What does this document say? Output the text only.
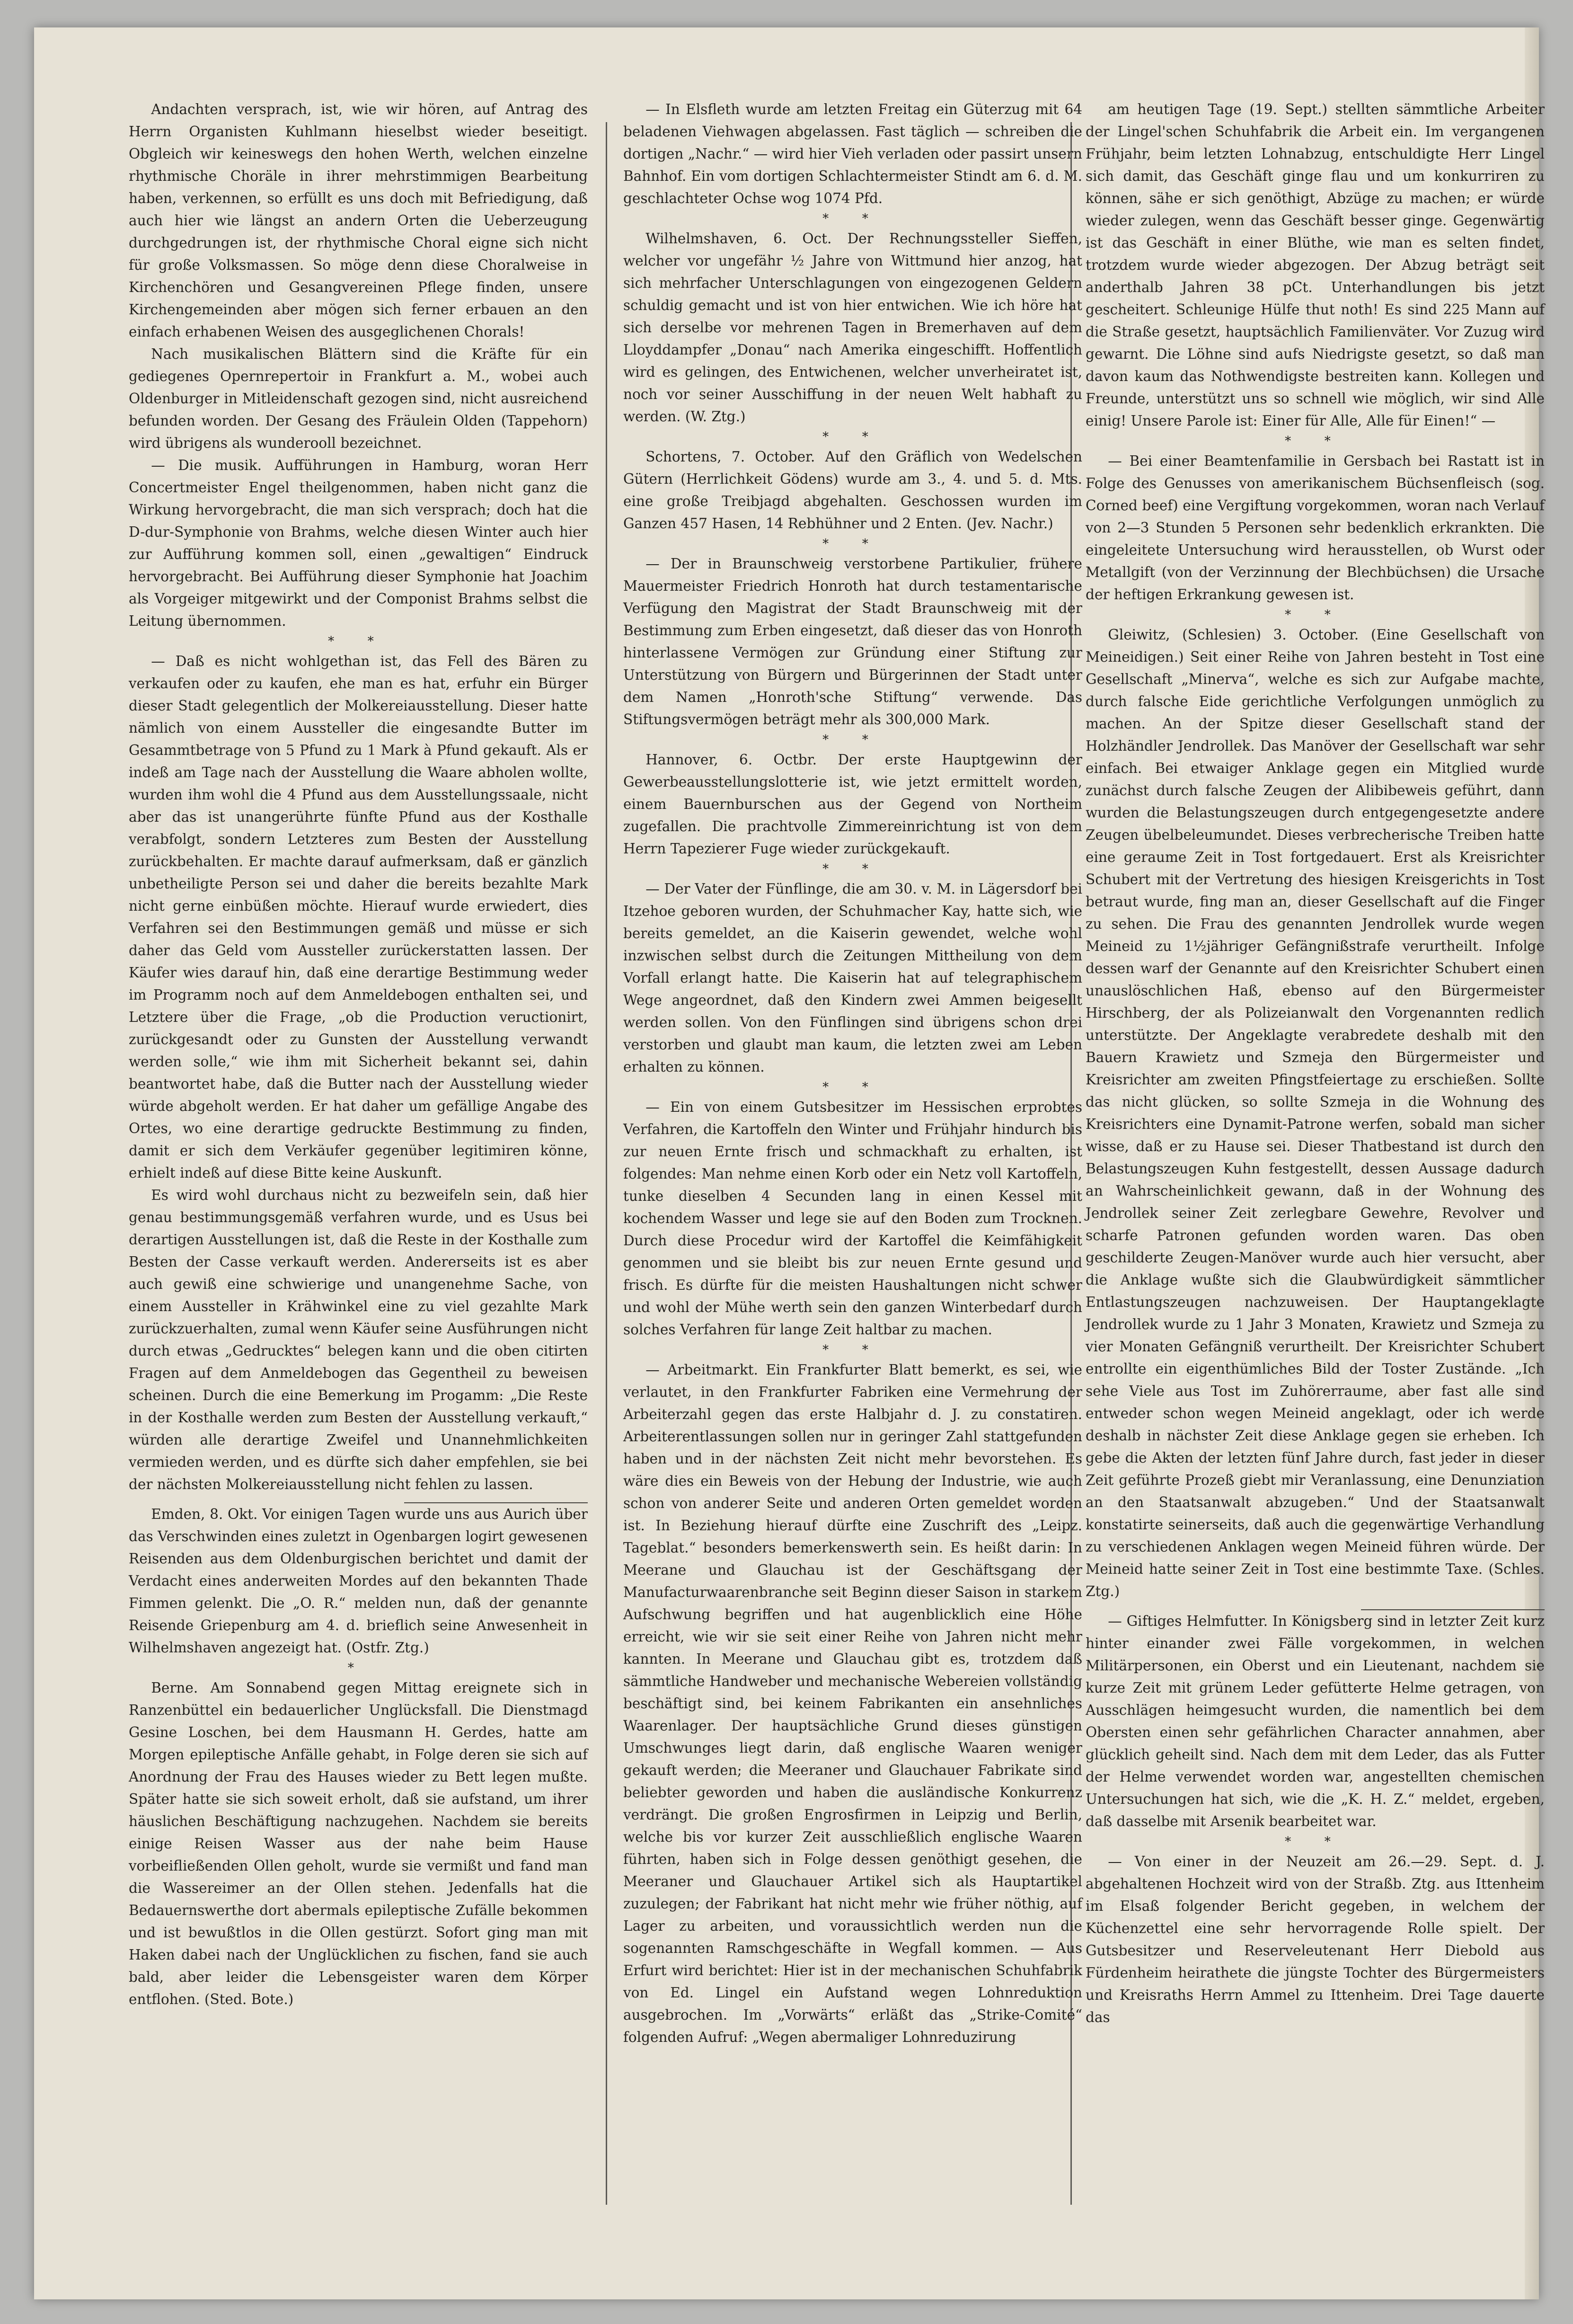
Andachten versprach, ist, wie wir hören, auf Antrag des Herrn Organisten Kuhlmann hieselbst wieder beseitigt. Obgleich wir keineswegs den hohen Werth, welchen einzelne rhythmische Choräle in ihrer mehrstimmigen Bearbeitung haben, verkennen, so erfüllt es uns doch mit Befriedigung, daß auch hier wie längst an andern Orten die Ueberzeugung durchgedrungen ist, der rhythmische Choral eigne sich nicht für große Volksmassen. So möge denn diese Choralweise in Kirchenchören und Gesangvereinen Pflege finden, unsere Kirchengemeinden aber mögen sich ferner erbauen an den einfach erhabenen Weisen des ausgeglichenen Chorals!

Nach musikalischen Blättern sind die Kräfte für ein gediegenes Opernrepertoir in Frankfurt a. M., wobei auch Oldenburger in Mitleidenschaft gezogen sind, nicht ausreichend befunden worden. Der Gesang des Fräulein Olden (Tappehorn) wird übrigens als wunderooll bezeichnet.

— Die musik. Aufführungen in Hamburg, woran Herr Concertmeister Engel theilgenommen, haben nicht ganz die Wirkung hervorgebracht, die man sich versprach; doch hat die D-dur-Symphonie von Brahms, welche diesen Winter auch hier zur Aufführung kommen soll, einen „gewaltigen“ Eindruck hervorgebracht. Bei Aufführung dieser Symphonie hat Joachim als Vorgeiger mitgewirkt und der Componist Brahms selbst die Leitung übernommen.

* *

— Daß es nicht wohlgethan ist, das Fell des Bären zu verkaufen oder zu kaufen, ehe man es hat, erfuhr ein Bürger dieser Stadt gelegentlich der Molkereiausstellung. Dieser hatte nämlich von einem Aussteller die eingesandte Butter im Gesammtbetrage von 5 Pfund zu 1 Mark à Pfund gekauft. Als er indeß am Tage nach der Ausstellung die Waare abholen wollte, wurden ihm wohl die 4 Pfund aus dem Ausstellungssaale, nicht aber das ist unangerührte fünfte Pfund aus der Kosthalle verabfolgt, sondern Letzteres zum Besten der Ausstellung zurückbehalten. Er machte darauf aufmerksam, daß er gänzlich unbetheiligte Person sei und daher die bereits bezahlte Mark nicht gerne einbüßen möchte. Hierauf wurde erwiedert, dies Verfahren sei den Bestimmungen gemäß und müsse er sich daher das Geld vom Aussteller zurückerstatten lassen. Der Käufer wies darauf hin, daß eine derartige Bestimmung weder im Programm noch auf dem Anmeldebogen enthalten sei, und Letztere über die Frage, „ob die Production veructionirt, zurückgesandt oder zu Gunsten der Ausstellung verwandt werden solle,“ wie ihm mit Sicherheit bekannt sei, dahin beantwortet habe, daß die Butter nach der Ausstellung wieder würde abgeholt werden. Er hat daher um gefällige Angabe des Ortes, wo eine derartige gedruckte Bestimmung zu finden, damit er sich dem Verkäufer gegenüber legitimiren könne, erhielt indeß auf diese Bitte keine Auskunft.

Es wird wohl durchaus nicht zu bezweifeln sein, daß hier genau bestimmungsgemäß verfahren wurde, und es Usus bei derartigen Ausstellungen ist, daß die Reste in der Kosthalle zum Besten der Casse verkauft werden. Andererseits ist es aber auch gewiß eine schwierige und unangenehme Sache, von einem Aussteller in Krähwinkel eine zu viel gezahlte Mark zurückzuerhalten, zumal wenn Käufer seine Ausführungen nicht durch etwas „Gedrucktes“ belegen kann und die oben citirten Fragen auf dem Anmeldebogen das Gegentheil zu beweisen scheinen. Durch die eine Bemerkung im Progamm: „Die Reste in der Kosthalle werden zum Besten der Ausstellung verkauft,“ würden alle derartige Zweifel und Unannehmlichkeiten vermieden werden, und es dürfte sich daher empfehlen, sie bei der nächsten Molkereiausstellung nicht fehlen zu lassen.

Emden, 8. Okt. Vor einigen Tagen wurde uns aus Aurich über das Verschwinden eines zuletzt in Ogenbargen logirt gewesenen Reisenden aus dem Oldenburgischen berichtet und damit der Verdacht eines anderweiten Mordes auf den bekannten Thade Fimmen gelenkt. Die „O. R.“ melden nun, daß der genannte Reisende Griepenburg am 4. d. brieflich seine Anwesenheit in Wilhelmshaven angezeigt hat. (Ostfr. Ztg.)

*

Berne. Am Sonnabend gegen Mittag ereignete sich in Ranzenbüttel ein bedauerlicher Unglücksfall. Die Dienstmagd Gesine Loschen, bei dem Hausmann H. Gerdes, hatte am Morgen epileptische Anfälle gehabt, in Folge deren sie sich auf Anordnung der Frau des Hauses wieder zu Bett legen mußte. Später hatte sie sich soweit erholt, daß sie aufstand, um ihrer häuslichen Beschäftigung nachzugehen. Nachdem sie bereits einige Reisen Wasser aus der nahe beim Hause vorbeifließenden Ollen geholt, wurde sie vermißt und fand man die Wassereimer an der Ollen stehen. Jedenfalls hat die Bedauernswerthe dort abermals epileptische Zufälle bekommen und ist bewußtlos in die Ollen gestürzt. Sofort ging man mit Haken dabei nach der Unglücklichen zu fischen, fand sie auch bald, aber leider die Lebensgeister waren dem Körper entflohen. (Sted. Bote.)

— In Elsfleth wurde am letzten Freitag ein Güterzug mit 64 beladenen Viehwagen abgelassen. Fast täglich — schreiben die dortigen „Nachr.“ — wird hier Vieh verladen oder passirt unsern Bahnhof. Ein vom dortigen Schlachtermeister Stindt am 6. d. M. geschlachteter Ochse wog 1074 Pfd.

* *

Wilhelmshaven, 6. Oct. Der Rechnungssteller Sieffen, welcher vor ungefähr ½ Jahre von Wittmund hier anzog, hat sich mehrfacher Unterschlagungen von eingezogenen Geldern schuldig gemacht und ist von hier entwichen. Wie ich höre hat sich derselbe vor mehrenen Tagen in Bremerhaven auf dem Lloyddampfer „Donau“ nach Amerika eingeschifft. Hoffentlich wird es gelingen, des Entwichenen, welcher unverheiratet ist, noch vor seiner Ausschiffung in der neuen Welt habhaft zu werden. (W. Ztg.)

* *

Schortens, 7. October. Auf den Gräflich von Wedelschen Gütern (Herrlichkeit Gödens) wurde am 3., 4. und 5. d. Mts. eine große Treibjagd abgehalten. Geschossen wurden im Ganzen 457 Hasen, 14 Rebhühner und 2 Enten. (Jev. Nachr.)

* *

— Der in Braunschweig verstorbene Partikulier, frühere Mauermeister Friedrich Honroth hat durch testamentarische Verfügung den Magistrat der Stadt Braunschweig mit der Bestimmung zum Erben eingesetzt, daß dieser das von Honroth hinterlassene Vermögen zur Gründung einer Stiftung zur Unterstützung von Bürgern und Bürgerinnen der Stadt unter dem Namen „Honroth'sche Stiftung“ verwende. Das Stiftungsvermögen beträgt mehr als 300,000 Mark.

* *

Hannover, 6. Octbr. Der erste Hauptgewinn der Gewerbeausstellungslotterie ist, wie jetzt ermittelt worden, einem Bauernburschen aus der Gegend von Northeim zugefallen. Die prachtvolle Zimmereinrichtung ist von dem Herrn Tapezierer Fuge wieder zurückgekauft.

* *

— Der Vater der Fünflinge, die am 30. v. M. in Lägersdorf bei Itzehoe geboren wurden, der Schuhmacher Kay, hatte sich, wie bereits gemeldet, an die Kaiserin gewendet, welche wohl inzwischen selbst durch die Zeitungen Mittheilung von dem Vorfall erlangt hatte. Die Kaiserin hat auf telegraphischem Wege angeordnet, daß den Kindern zwei Ammen beigesellt werden sollen. Von den Fünflingen sind übrigens schon drei verstorben und glaubt man kaum, die letzten zwei am Leben erhalten zu können.

* *

— Ein von einem Gutsbesitzer im Hessischen erprobtes Verfahren, die Kartoffeln den Winter und Frühjahr hindurch bis zur neuen Ernte frisch und schmackhaft zu erhalten, ist folgendes: Man nehme einen Korb oder ein Netz voll Kartoffeln, tunke dieselben 4 Secunden lang in einen Kessel mit kochendem Wasser und lege sie auf den Boden zum Trocknen. Durch diese Procedur wird der Kartoffel die Keimfähigkeit genommen und sie bleibt bis zur neuen Ernte gesund und frisch. Es dürfte für die meisten Haushaltungen nicht schwer und wohl der Mühe werth sein den ganzen Winterbedarf durch solches Verfahren für lange Zeit haltbar zu machen.

* *

— Arbeitmarkt. Ein Frankfurter Blatt bemerkt, es sei, wie verlautet, in den Frankfurter Fabriken eine Vermehrung der Arbeiterzahl gegen das erste Halbjahr d. J. zu constatiren. Arbeiterentlassungen sollen nur in geringer Zahl stattgefunden haben und in der nächsten Zeit nicht mehr bevorstehen. Es wäre dies ein Beweis von der Hebung der Industrie, wie auch schon von anderer Seite und anderen Orten gemeldet worden ist. In Beziehung hierauf dürfte eine Zuschrift des „Leipz. Tageblat.“ besonders bemerkenswerth sein. Es heißt darin: In Meerane und Glauchau ist der Geschäftsgang der Manufacturwaarenbranche seit Beginn dieser Saison in starkem Aufschwung begriffen und hat augenblicklich eine Höhe erreicht, wie wir sie seit einer Reihe von Jahren nicht mehr kannten. In Meerane und Glauchau gibt es, trotzdem daß sämmtliche Handweber und mechanische Webereien vollständig beschäftigt sind, bei keinem Fabrikanten ein ansehnliches Waarenlager. Der hauptsächliche Grund dieses günstigen Umschwunges liegt darin, daß englische Waaren weniger gekauft werden; die Meeraner und Glauchauer Fabrikate sind beliebter geworden und haben die ausländische Konkurrenz verdrängt. Die großen Engrosfirmen in Leipzig und Berlin, welche bis vor kurzer Zeit ausschließlich englische Waaren führten, haben sich in Folge dessen genöthigt gesehen, die Meeraner und Glauchauer Artikel sich als Hauptartikel zuzulegen; der Fabrikant hat nicht mehr wie früher nöthig, auf Lager zu arbeiten, und voraussichtlich werden nun die sogenannten Ramschgeschäfte in Wegfall kommen. — Aus Erfurt wird berichtet: Hier ist in der mechanischen Schuhfabrik von Ed. Lingel ein Aufstand wegen Lohnreduktion ausgebrochen. Im „Vorwärts“ erläßt das „Strike-Comité“ folgenden Aufruf: „Wegen abermaliger Lohnreduzirung

am heutigen Tage (19. Sept.) stellten sämmtliche Arbeiter der Lingel'schen Schuhfabrik die Arbeit ein. Im vergangenen Frühjahr, beim letzten Lohnabzug, entschuldigte Herr Lingel sich damit, das Geschäft ginge flau und um konkurriren zu können, sähe er sich genöthigt, Abzüge zu machen; er würde wieder zulegen, wenn das Geschäft besser ginge. Gegenwärtig ist das Geschäft in einer Blüthe, wie man es selten findet, trotzdem wurde wieder abgezogen. Der Abzug beträgt seit anderthalb Jahren 38 pCt. Unterhandlungen bis jetzt gescheitert. Schleunige Hülfe thut noth! Es sind 225 Mann auf die Straße gesetzt, hauptsächlich Familienväter. Vor Zuzug wird gewarnt. Die Löhne sind aufs Niedrigste gesetzt, so daß man davon kaum das Nothwendigste bestreiten kann. Kollegen und Freunde, unterstützt uns so schnell wie möglich, wir sind Alle einig! Unsere Parole ist: Einer für Alle, Alle für Einen!“ —

* *

— Bei einer Beamtenfamilie in Gersbach bei Rastatt ist in Folge des Genusses von amerikanischem Büchsenfleisch (sog. Corned beef) eine Vergiftung vorgekommen, woran nach Verlauf von 2—3 Stunden 5 Personen sehr bedenklich erkrankten. Die eingeleitete Untersuchung wird herausstellen, ob Wurst oder Metallgift (von der Verzinnung der Blechbüchsen) die Ursache der heftigen Erkrankung gewesen ist.

* *

Gleiwitz, (Schlesien) 3. October. (Eine Gesellschaft von Meineidigen.) Seit einer Reihe von Jahren besteht in Tost eine Gesellschaft „Minerva“, welche es sich zur Aufgabe machte, durch falsche Eide gerichtliche Verfolgungen unmöglich zu machen. An der Spitze dieser Gesellschaft stand der Holzhändler Jendrollek. Das Manöver der Gesellschaft war sehr einfach. Bei etwaiger Anklage gegen ein Mitglied wurde zunächst durch falsche Zeugen der Alibibeweis geführt, dann wurden die Belastungszeugen durch entgegengesetzte andere Zeugen übelbeleumundet. Dieses verbrecherische Treiben hatte eine geraume Zeit in Tost fortgedauert. Erst als Kreisrichter Schubert mit der Vertretung des hiesigen Kreisgerichts in Tost betraut wurde, fing man an, dieser Gesellschaft auf die Finger zu sehen. Die Frau des genannten Jendrollek wurde wegen Meineid zu 1½jähriger Gefängnißstrafe verurtheilt. Infolge dessen warf der Genannte auf den Kreisrichter Schubert einen unauslöschlichen Haß, ebenso auf den Bürgermeister Hirschberg, der als Polizeianwalt den Vorgenannten redlich unterstützte. Der Angeklagte verabredete deshalb mit den Bauern Krawietz und Szmeja den Bürgermeister und Kreisrichter am zweiten Pfingstfeiertage zu erschießen. Sollte das nicht glücken, so sollte Szmeja in die Wohnung des Kreisrichters eine Dynamit-Patrone werfen, sobald man sicher wisse, daß er zu Hause sei. Dieser Thatbestand ist durch den Belastungszeugen Kuhn festgestellt, dessen Aussage dadurch an Wahrscheinlichkeit gewann, daß in der Wohnung des Jendrollek seiner Zeit zerlegbare Gewehre, Revolver und scharfe Patronen gefunden worden waren. Das oben geschilderte Zeugen-Manöver wurde auch hier versucht, aber die Anklage wußte sich die Glaubwürdigkeit sämmtlicher Entlastungszeugen nachzuweisen. Der Hauptangeklagte Jendrollek wurde zu 1 Jahr 3 Monaten, Krawietz und Szmeja zu vier Monaten Gefängniß verurtheilt. Der Kreisrichter Schubert entrollte ein eigenthümliches Bild der Toster Zustände. „Ich sehe Viele aus Tost im Zuhörerraume, aber fast alle sind entweder schon wegen Meineid angeklagt, oder ich werde deshalb in nächster Zeit diese Anklage gegen sie erheben. Ich gebe die Akten der letzten fünf Jahre durch, fast jeder in dieser Zeit geführte Prozeß giebt mir Veranlassung, eine Denunziation an den Staatsanwalt abzugeben.“ Und der Staatsanwalt konstatirte seinerseits, daß auch die gegenwärtige Verhandlung zu verschiedenen Anklagen wegen Meineid führen würde. Der Meineid hatte seiner Zeit in Tost eine bestimmte Taxe. (Schles. Ztg.)

— Giftiges Helmfutter. In Königsberg sind in letzter Zeit kurz hinter einander zwei Fälle vorgekommen, in welchen Militärpersonen, ein Oberst und ein Lieutenant, nachdem sie kurze Zeit mit grünem Leder gefütterte Helme getragen, von Ausschlägen heimgesucht wurden, die namentlich bei dem Obersten einen sehr gefährlichen Character annahmen, aber glücklich geheilt sind. Nach dem mit dem Leder, das als Futter der Helme verwendet worden war, angestellten chemischen Untersuchungen hat sich, wie die „K. H. Z.“ meldet, ergeben, daß dasselbe mit Arsenik bearbeitet war.

* *

— Von einer in der Neuzeit am 26.—29. Sept. d. J. abgehaltenen Hochzeit wird von der Straßb. Ztg. aus Ittenheim im Elsaß folgender Bericht gegeben, in welchem der Küchenzettel eine sehr hervorragende Rolle spielt. Der Gutsbesitzer und Reserveleutenant Herr Diebold aus Fürdenheim heirathete die jüngste Tochter des Bürgermeisters und Kreisraths Herrn Ammel zu Ittenheim. Drei Tage dauerte das
